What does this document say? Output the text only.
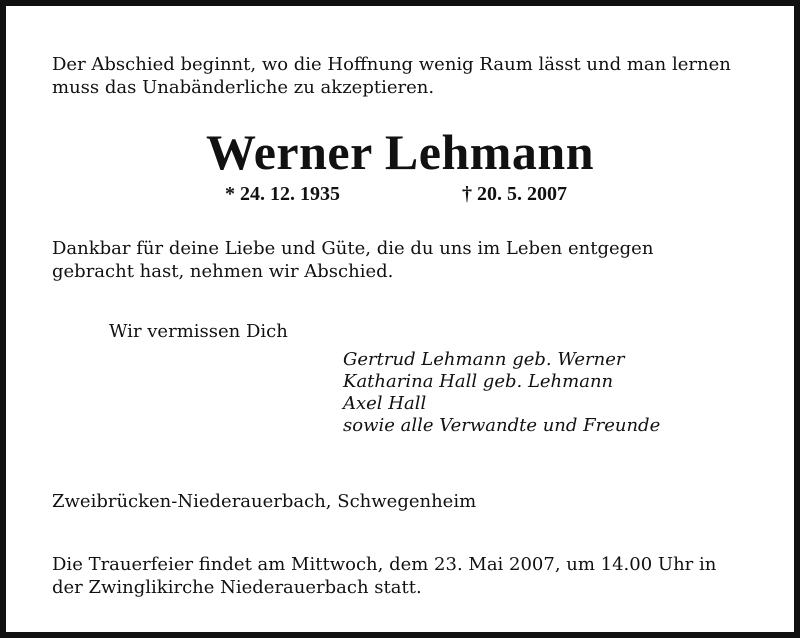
Der Abschied beginnt, wo die Hoffnung wenig Raum lässt und man lernen
muss das Unabänderliche zu akzeptieren.
Werner Lehmann
* 24. 12. 1935	† 20. 5. 2007
Dankbar für deine Liebe und Güte, die du uns im Leben entgegen
gebracht hast, nehmen wir Abschied.
Wir vermissen Dich
Gertrud Lehmann geb. Werner
Katharina Hall geb. Lehmann
Axel Hall
sowie alle Verwandte und Freunde
Zweibrücken-Niederauerbach, Schwegenheim
Die Trauerfeier findet am Mittwoch, dem 23. Mai 2007, um 14.00 Uhr in
der Zwinglikirche Niederauerbach statt.
